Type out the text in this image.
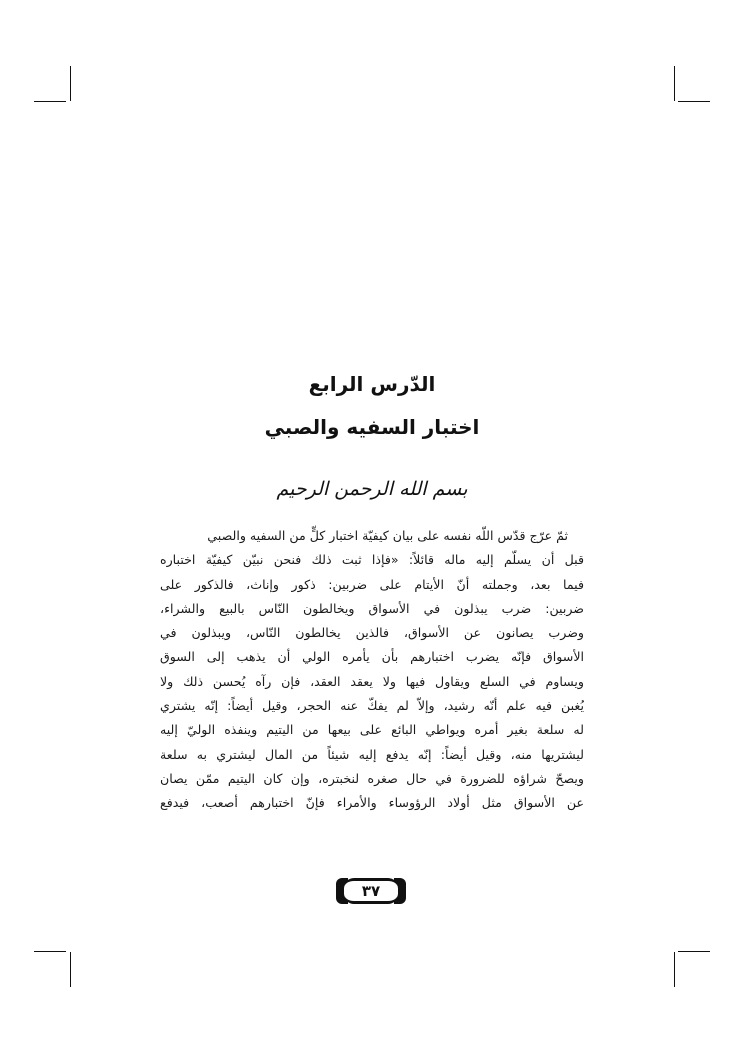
الدّرس الرابع
اختبار السفيه والصبي
بسم الله الرحمن الرحيم
ثمّ عرّج قدّس اللّه نفسه على بيان كيفيّة اختبار كلٍّ من السفيه والصبي
قبل أن يسلّم إليه ماله قائلاً: «فإذا ثبت ذلك فنحن نبيّن كيفيّة اختباره
فيما بعد، وجملته أنّ الأيتام على ضربين: ذكور وإناث، فالذكور على
ضربين: ضرب يبذلون في الأسواق ويخالطون النّاس بالبيع والشراء،
وضرب يصانون عن الأسواق، فالذين يخالطون النّاس، ويبذلون في
الأسواق فإنّه يضرب اختبارهم بأن يأمره الولي أن يذهب إلى السوق
ويساوم في السلع ويقاول فيها ولا يعقد العقد، فإن رآه يُحسن ذلك ولا
يُغبن فيه علم أنّه رشيد، وإلاّ لم يفكّ عنه الحجر، وقيل أيضاً: إنّه يشتري
له سلعة بغير أمره ويواطي البائع على بيعها من اليتيم وينفذه الوليّ إليه
ليشتريها منه، وقيل أيضاً: إنّه يدفع إليه شيئاً من المال ليشتري به سلعة
ويصحّ شراؤه للضرورة في حال صغره لنخبتره، وإن كان اليتيم ممّن يصان
عن الأسواق مثل أولاد الرؤوساء والأمراء فإنّ اختبارهم أصعب، فيدفع
٣٧
